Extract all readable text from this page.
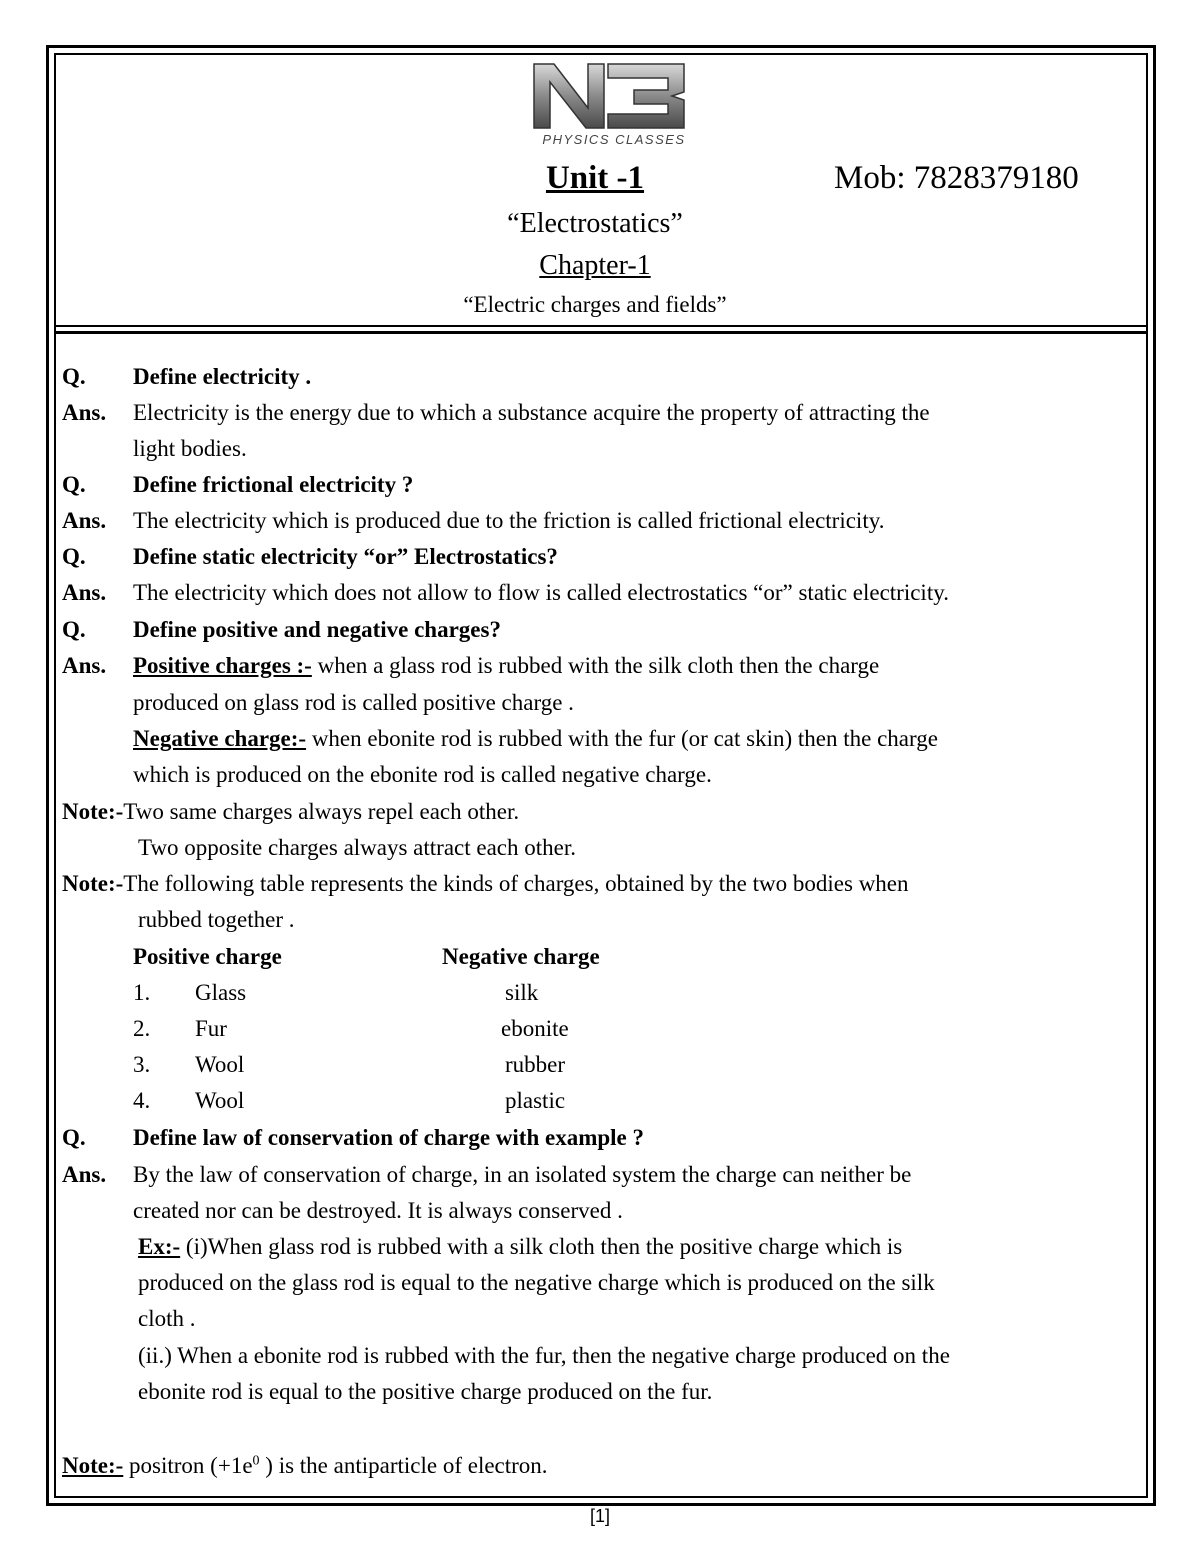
PHYSICS CLASSES
Unit -1	Mob: 7828379180
“Electrostatics”
Chapter-1
“Electric charges and fields”
Q. Define electricity .
Ans. Electricity is the energy due to which a substance acquire the property of attracting the
light bodies.
Q. Define frictional electricity ?
Ans. The electricity which is produced due to the friction is called frictional electricity.
Q. Define static electricity “or” Electrostatics?
Ans. The electricity which does not allow to flow is called electrostatics “or” static electricity.
Q. Define positive and negative charges?
Ans. Positive charges :- when a glass rod is rubbed with the silk cloth then the charge
produced on glass rod is called positive charge .
Negative charge:- when ebonite rod is rubbed with the fur (or cat skin) then the charge
which is produced on the ebonite rod is called negative charge.
Note:-Two same charges always repel each other.
Two opposite charges always attract each other.
Note:-The following table represents the kinds of charges, obtained by the two bodies when
rubbed together .
Positive charge	Negative charge
1. Glass	silk
2. Fur	ebonite
3. Wool	rubber
4. Wool	plastic
Q. Define law of conservation of charge with example ?
Ans. By the law of conservation of charge, in an isolated system the charge can neither be
created nor can be destroyed. It is always conserved .
Ex:- (i)When glass rod is rubbed with a silk cloth then the positive charge which is
produced on the glass rod is equal to the negative charge which is produced on the silk
cloth .
(ii.) When a ebonite rod is rubbed with the fur, then the negative charge produced on the
ebonite rod is equal to the positive charge produced on the fur.
Note:- positron ($+1e^0$ ) is the antiparticle of electron.
[1]
